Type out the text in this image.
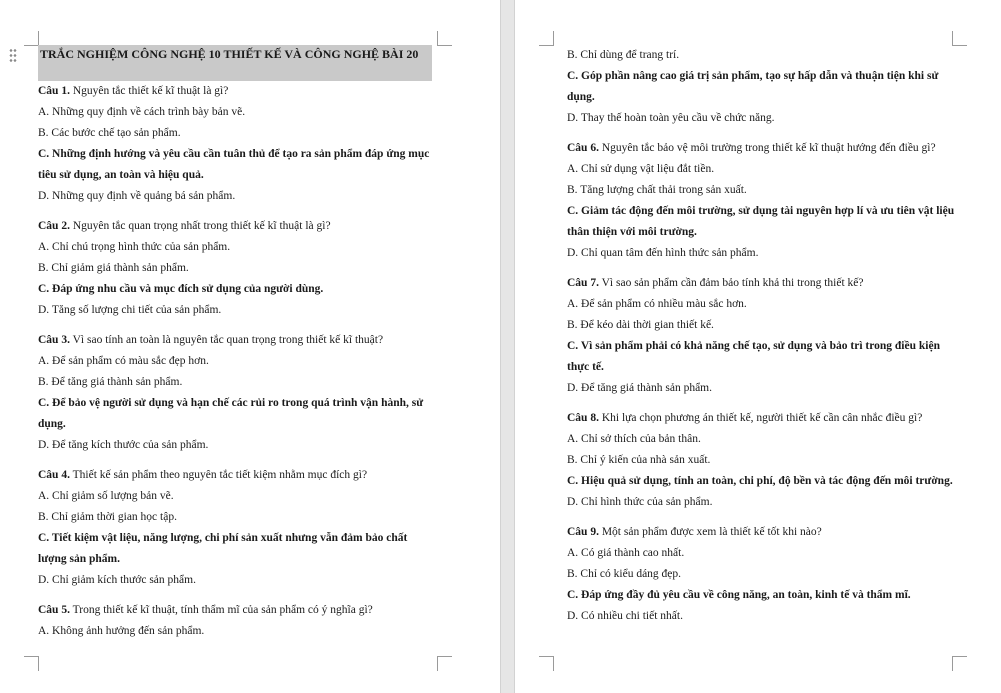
TRẮC NGHIỆM CÔNG NGHỆ 10 THIẾT KẾ VÀ CÔNG NGHỆ BÀI 20
Câu 1. Nguyên tắc thiết kế kĩ thuật là gì?
A. Những quy định về cách trình bày bản vẽ.
B. Các bước chế tạo sản phẩm.
C. Những định hướng và yêu cầu cần tuân thủ để tạo ra sản phẩm đáp ứng mục tiêu sử dụng, an toàn và hiệu quả.
D. Những quy định về quảng bá sản phẩm.
Câu 2. Nguyên tắc quan trọng nhất trong thiết kế kĩ thuật là gì?
A. Chỉ chú trọng hình thức của sản phẩm.
B. Chỉ giảm giá thành sản phẩm.
C. Đáp ứng nhu cầu và mục đích sử dụng của người dùng.
D. Tăng số lượng chi tiết của sản phẩm.
Câu 3. Vì sao tính an toàn là nguyên tắc quan trọng trong thiết kế kĩ thuật?
A. Để sản phẩm có màu sắc đẹp hơn.
B. Để tăng giá thành sản phẩm.
C. Để bảo vệ người sử dụng và hạn chế các rủi ro trong quá trình vận hành, sử dụng.
D. Để tăng kích thước của sản phẩm.
Câu 4. Thiết kế sản phẩm theo nguyên tắc tiết kiệm nhằm mục đích gì?
A. Chỉ giảm số lượng bản vẽ.
B. Chỉ giảm thời gian học tập.
C. Tiết kiệm vật liệu, năng lượng, chi phí sản xuất nhưng vẫn đảm bảo chất lượng sản phẩm.
D. Chỉ giảm kích thước sản phẩm.
Câu 5. Trong thiết kế kĩ thuật, tính thẩm mĩ của sản phẩm có ý nghĩa gì?
A. Không ảnh hưởng đến sản phẩm.
B. Chỉ dùng để trang trí.
C. Góp phần nâng cao giá trị sản phẩm, tạo sự hấp dẫn và thuận tiện khi sử dụng.
D. Thay thế hoàn toàn yêu cầu về chức năng.
Câu 6. Nguyên tắc bảo vệ môi trường trong thiết kế kĩ thuật hướng đến điều gì?
A. Chỉ sử dụng vật liệu đắt tiền.
B. Tăng lượng chất thải trong sản xuất.
C. Giảm tác động đến môi trường, sử dụng tài nguyên hợp lí và ưu tiên vật liệu thân thiện với môi trường.
D. Chỉ quan tâm đến hình thức sản phẩm.
Câu 7. Vì sao sản phẩm cần đảm bảo tính khả thi trong thiết kế?
A. Để sản phẩm có nhiều màu sắc hơn.
B. Để kéo dài thời gian thiết kế.
C. Vì sản phẩm phải có khả năng chế tạo, sử dụng và bảo trì trong điều kiện thực tế.
D. Để tăng giá thành sản phẩm.
Câu 8. Khi lựa chọn phương án thiết kế, người thiết kế cần cân nhắc điều gì?
A. Chỉ sở thích của bản thân.
B. Chỉ ý kiến của nhà sản xuất.
C. Hiệu quả sử dụng, tính an toàn, chi phí, độ bền và tác động đến môi trường.
D. Chỉ hình thức của sản phẩm.
Câu 9. Một sản phẩm được xem là thiết kế tốt khi nào?
A. Có giá thành cao nhất.
B. Chỉ có kiểu dáng đẹp.
C. Đáp ứng đầy đủ yêu cầu về công năng, an toàn, kinh tế và thẩm mĩ.
D. Có nhiều chi tiết nhất.
